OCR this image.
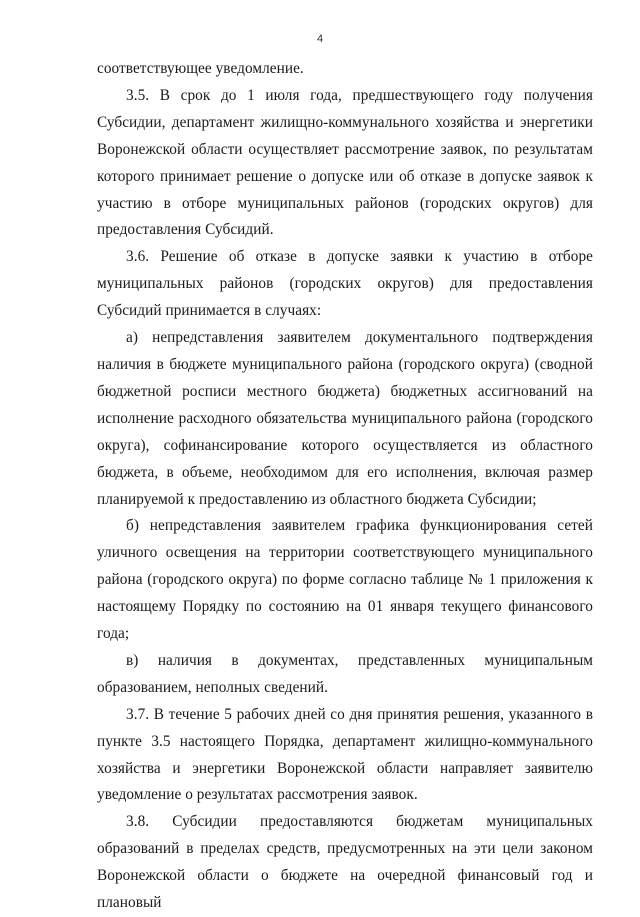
4

соответствующее уведомление.

3.5. В срок до 1 июля года, предшествующего году получения Субсидии, департамент жилищно-коммунального хозяйства и энергетики Воронежской области осуществляет рассмотрение заявок, по результатам которого принимает решение о допуске или об отказе в допуске заявок к участию в отборе муниципальных районов (городских округов) для предоставления Субсидий.

3.6. Решение об отказе в допуске заявки к участию в отборе муниципальных районов (городских округов) для предоставления Субсидий принимается в случаях:

а) непредставления заявителем документального подтверждения наличия в бюджете муниципального района (городского округа) (сводной бюджетной росписи местного бюджета) бюджетных ассигнований на исполнение расходного обязательства муниципального района (городского округа), софинансирование которого осуществляется из областного бюджета, в объеме, необходимом для его исполнения, включая размер планируемой к предоставлению из областного бюджета Субсидии;

б) непредставления заявителем графика функционирования сетей уличного освещения на территории соответствующего муниципального района (городского округа) по форме согласно таблице № 1 приложения к настоящему Порядку по состоянию на 01 января текущего финансового года;

в) наличия в документах, представленных муниципальным образованием, неполных сведений.

3.7. В течение 5 рабочих дней со дня принятия решения, указанного в пункте 3.5 настоящего Порядка, департамент жилищно-коммунального хозяйства и энергетики Воронежской области направляет заявителю уведомление о результатах рассмотрения заявок.

3.8. Субсидии предоставляются бюджетам муниципальных образований в пределах средств, предусмотренных на эти цели законом Воронежской области о бюджете на очередной финансовый год и плановый
